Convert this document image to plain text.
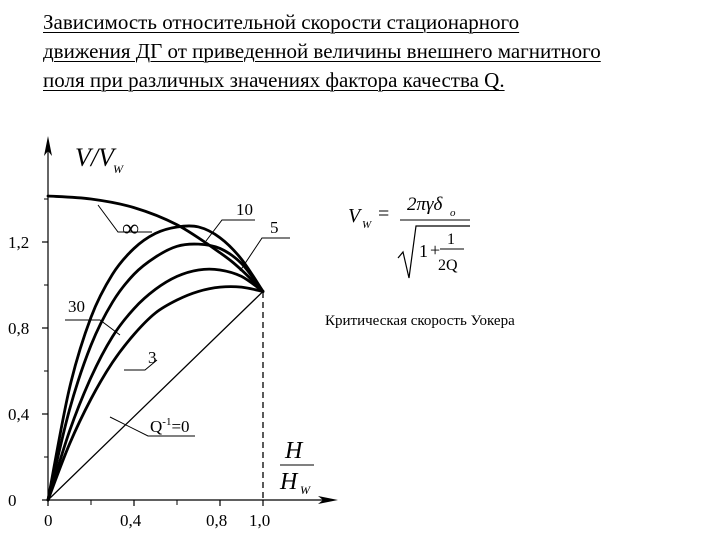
Зависимость относительной скорости стационарного движения ДГ от приведенной величины внешнего магнитного поля при различных значениях фактора качества Q.
0
0,4
0,8
1,2
0	0,4	0,8 1,0
V/V W
H
H W
∞
10
5
30
3
$Q^{-1}=0$
V W = 2πγδ o
1 +
1
2Q
Критическая скорость Уокера
